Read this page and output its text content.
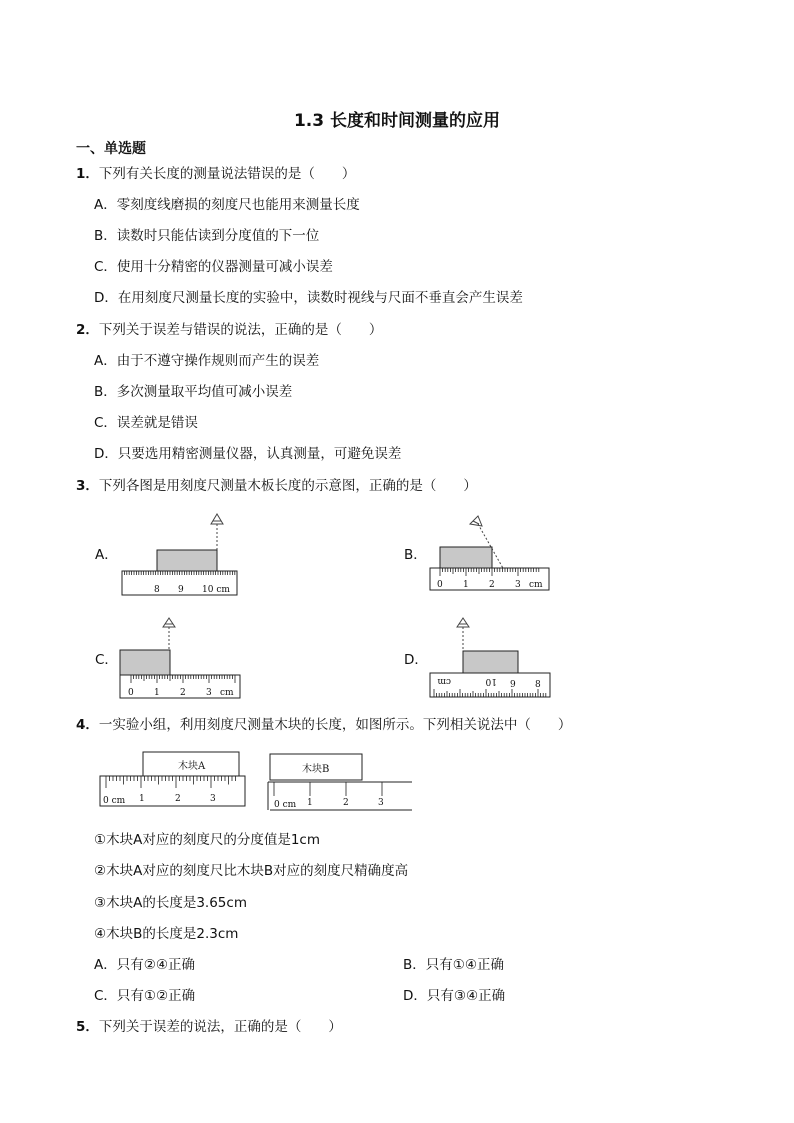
1.3 长度和时间测量的应用
一、单选题
1．下列有关长度的测量说法错误的是（　　）
A．零刻度线磨损的刻度尺也能用来测量长度
B．读数时只能估读到分度值的下一位
C．使用十分精密的仪器测量可减小误差
D．在用刻度尺测量长度的实验中，读数时视线与尺面不垂直会产生误差
2．下列关于误差与错误的说法，正确的是（　　）
A．由于不遵守操作规则而产生的误差
B．多次测量取平均值可减小误差
C．误差就是错误
D．只要选用精密测量仪器，认真测量，可避免误差
3．下列各图是用刻度尺测量木板长度的示意图，正确的是（　　）
A．	B．
C．	D．
8 9 10 cm	0 1 2 3 cm
0 1 2 3 cm
cm	10 9 8
4．一实验小组，利用刻度尺测量木块的长度，如图所示。下列相关说法中（　　）
木块A
0 cm 1	2	3
木块B
0 cm 1	2	3
①木块A对应的刻度尺的分度值是1cm
②木块A对应的刻度尺比木块B对应的刻度尺精确度高
③木块A的长度是3.65cm
④木块B的长度是2.3cm
A．只有②④正确	B．只有①④正确
C．只有①②正确	D．只有③④正确
5．下列关于误差的说法，正确的是（　　）
